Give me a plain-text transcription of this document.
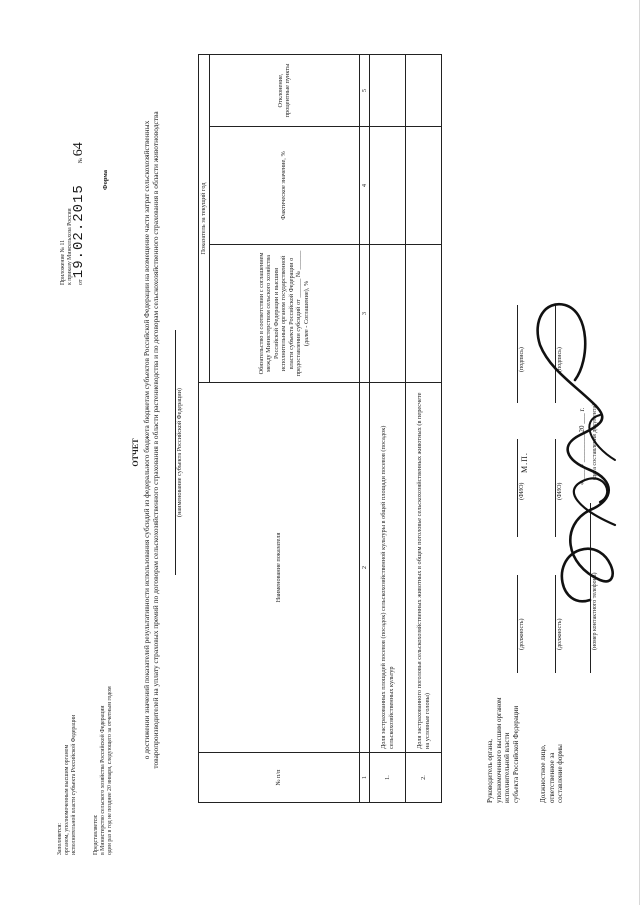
Заполняется: органом, уполномоченным высшим органом исполнительной власти субъекта Российской Федерации	Представляется: в Министерство сельского хозяйства Российской Федерации один раз в год не позднее 20 января, следующего за отчетным годом
Приложение № 11 к приказу Минсельхоза России от 19.02.2015  № 64
Форма
ОТЧЕТ о достижении значений показателей результативности использования субсидий из федерального бюджета бюджетам субъектов Российской Федерации на возмещение части затрат сельскохозяйственных товаропроизводителей на уплату страховых премий по договорам сельскохозяйственного страхования в области растениеводства и по договорам сельскохозяйственного страхования в области животноводства	(наименование субъекта Российской Федерации)
№ п/п	Наименование показателя	Показатель за текущий год		
		Обязательство в соответствии с соглашением между Министерством сельского хозяйства Российской Федерации и высшим исполнительным органом государственной власти субъекта Российской Федерации о предоставлении субсидий от ______ № ______ (далее - Соглашение), %	Фактическое значение, %	Отклонение, процентные пункты
1	2	3	4	5
1.	Доля застрахованных площадей посевов (посадок) сельскохозяйственной культуры в общей площади посевов (посадок) сельскохозяйственных культур			
2.	Доля застрахованного поголовья сельскохозяйственных животных в общем поголовье сельскохозяйственных животных (в пересчете на условные головы)			
Руководитель органа, уполномоченного высшим органом исполнительной власти субъекта Российской Федерации
(должность)
(ФИО)
(подпись)
Должностное лицо, ответственное за составление формы
(должность)
(ФИО)
(подпись)
(номер контактного телефона)
« ___ » ________ 20 ___ г. (дата составления документа)
М.П.
